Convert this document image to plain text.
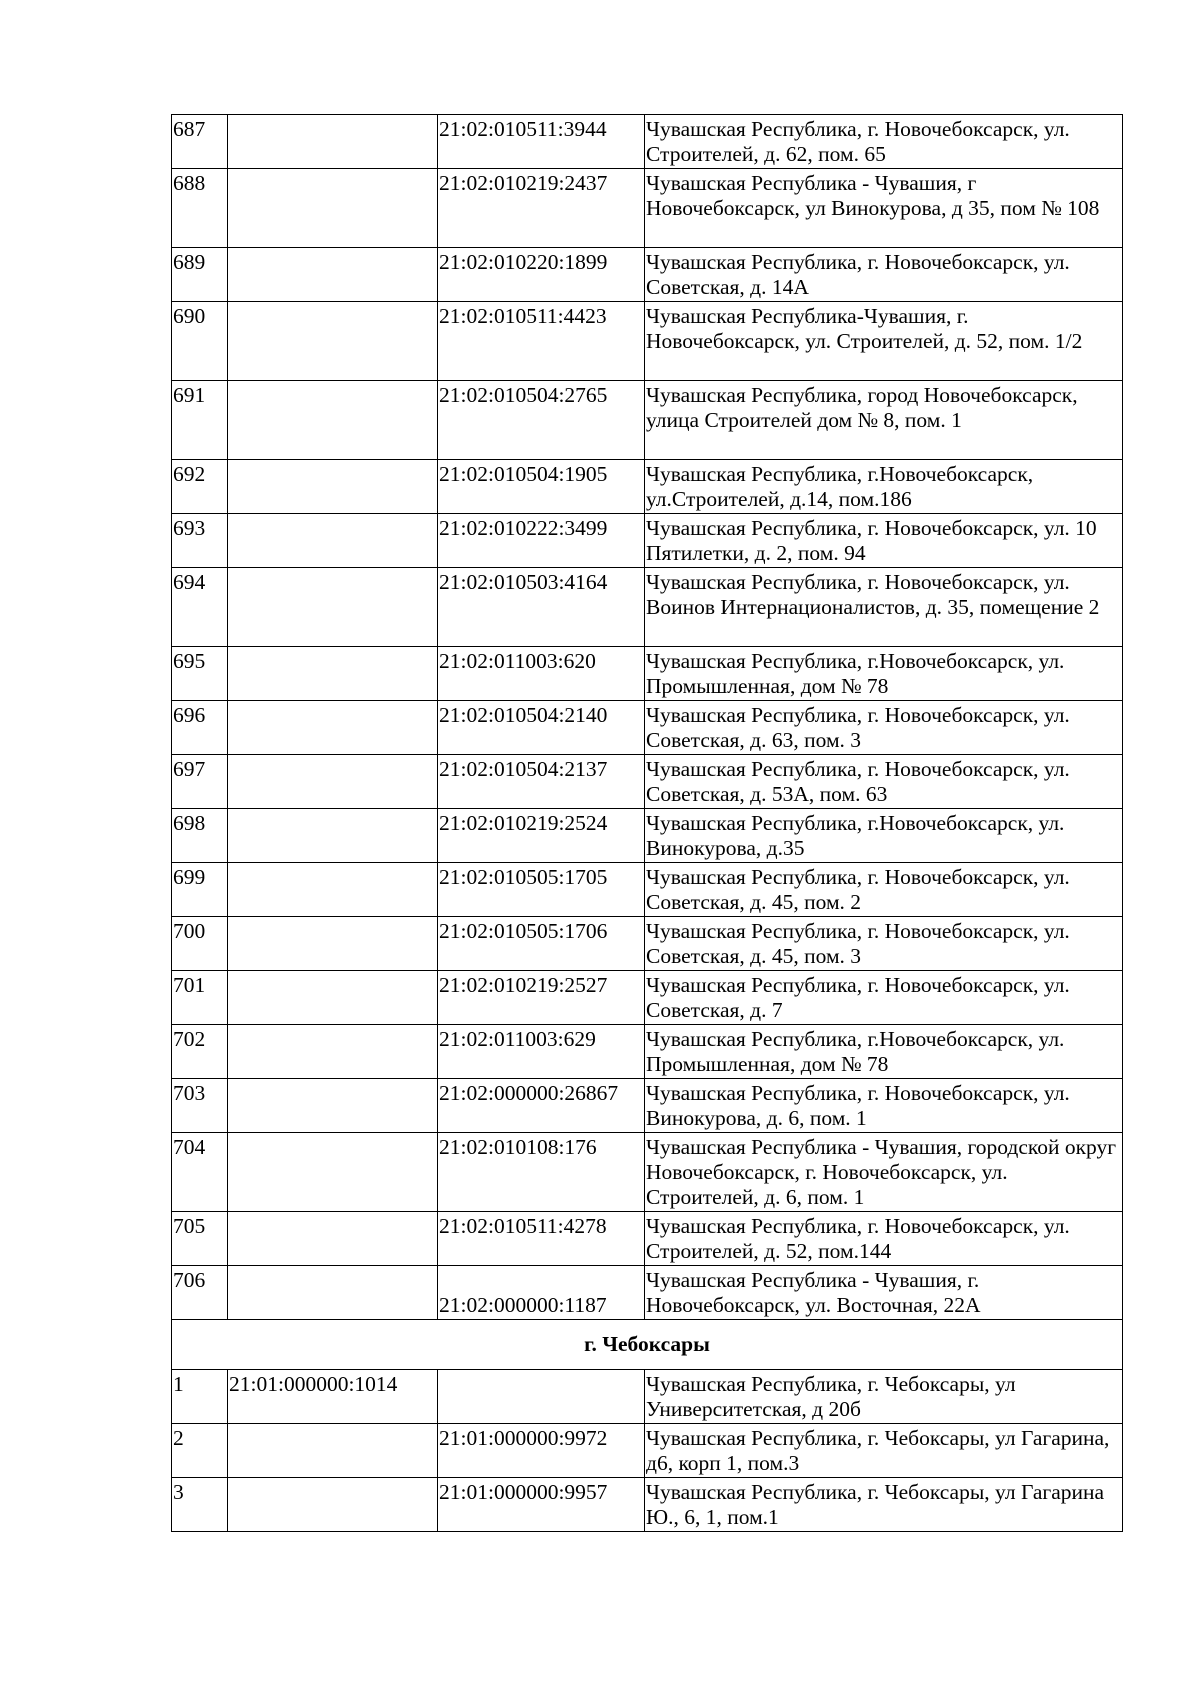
687		21:02:010511:3944	Чувашская Республика, г. Новочебоксарск, ул. Строителей, д. 62, пом. 65
688		21:02:010219:2437	Чувашская Республика - Чувашия, г Новочебоксарск, ул Винокурова, д 35, пом № 108
689		21:02:010220:1899	Чувашская Республика, г. Новочебоксарск, ул. Советская, д. 14А
690		21:02:010511:4423	Чувашская Республика-Чувашия, г. Новочебоксарск, ул. Строителей, д. 52, пом. 1/2
691		21:02:010504:2765	Чувашская Республика, город Новочебоксарск, улица Строителей дом № 8, пом. 1
692		21:02:010504:1905	Чувашская Республика, г.Новочебоксарск, ул.Строителей, д.14, пом.186
693		21:02:010222:3499	Чувашская Республика, г. Новочебоксарск, ул. 10 Пятилетки, д. 2, пом. 94
694		21:02:010503:4164	Чувашская Республика, г. Новочебоксарск, ул. Воинов Интернационалистов, д. 35, помещение 2
695		21:02:011003:620	Чувашская Республика, г.Новочебоксарск, ул. Промышленная, дом № 78
696		21:02:010504:2140	Чувашская Республика, г. Новочебоксарск, ул. Советская, д. 63, пом. 3
697		21:02:010504:2137	Чувашская Республика, г. Новочебоксарск, ул. Советская, д. 53А, пом. 63
698		21:02:010219:2524	Чувашская Республика, г.Новочебоксарск, ул. Винокурова, д.35
699		21:02:010505:1705	Чувашская Республика, г. Новочебоксарск, ул. Советская, д. 45, пом. 2
700		21:02:010505:1706	Чувашская Республика, г. Новочебоксарск, ул. Советская, д. 45, пом. 3
701		21:02:010219:2527	Чувашская Республика, г. Новочебоксарск, ул. Советская, д. 7
702		21:02:011003:629	Чувашская Республика, г.Новочебоксарск, ул. Промышленная, дом № 78
703		21:02:000000:26867	Чувашская Республика, г. Новочебоксарск, ул. Винокурова, д. 6, пом. 1
704		21:02:010108:176	Чувашская Республика - Чувашия, городской округ Новочебоксарск, г. Новочебоксарск, ул. Строителей, д. 6, пом. 1
705		21:02:010511:4278	Чувашская Республика, г. Новочебоксарск, ул. Строителей, д. 52, пом.144
706		21:02:000000:1187	Чувашская Республика - Чувашия, г. Новочебоксарск, ул. Восточная, 22А
г. Чебоксары			
1	21:01:000000:1014		Чувашская Республика, г. Чебоксары, ул Университетская, д 20б
2		21:01:000000:9972	Чувашская Республика, г. Чебоксары, ул Гагарина, д6, корп 1, пом.3
3		21:01:000000:9957	Чувашская Республика, г. Чебоксары, ул Гагарина Ю., 6, 1, пом.1
